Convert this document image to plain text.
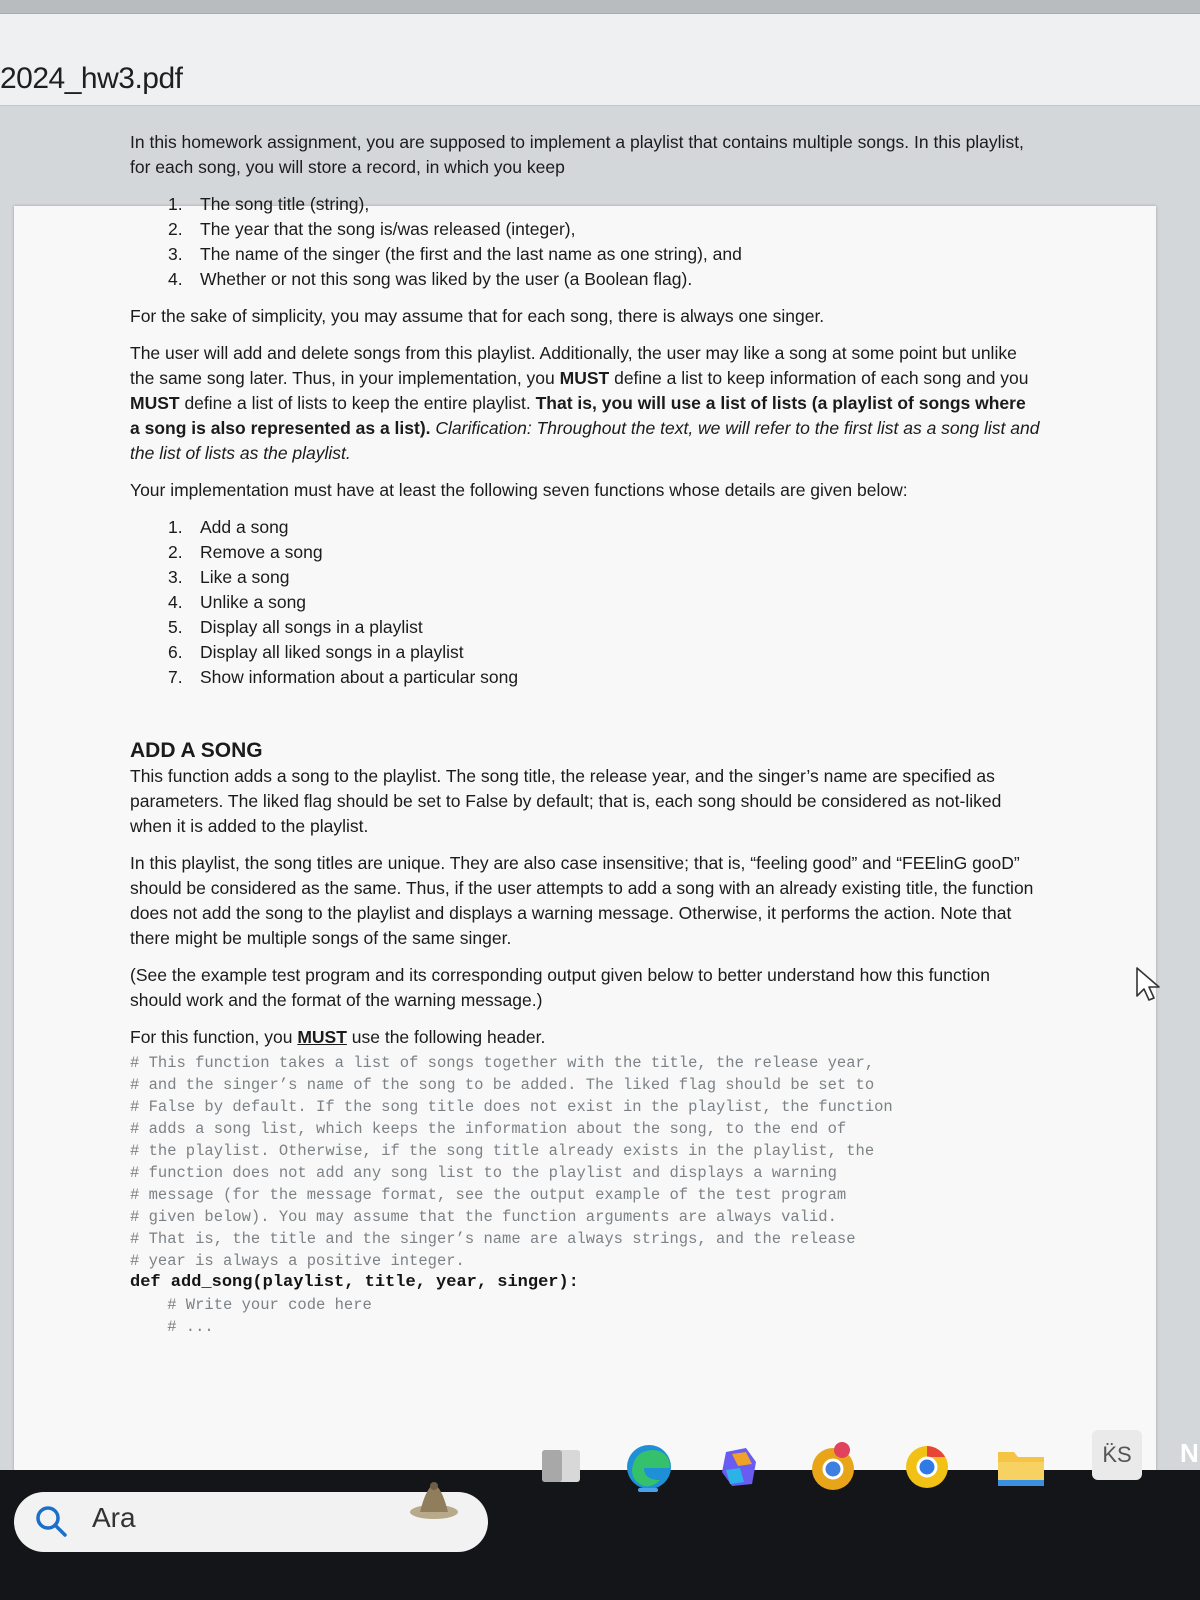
2024_hw3.pdf

In this homework assignment, you are supposed to implement a playlist that contains multiple songs. In this playlist, for each song, you will store a record, in which you keep

1. The song title (string),
2. The year that the song is/was released (integer),
3. The name of the singer (the first and the last name as one string), and
4. Whether or not this song was liked by the user (a Boolean flag).

For the sake of simplicity, you may assume that for each song, there is always one singer.

The user will add and delete songs from this playlist. Additionally, the user may like a song at some point but unlike the same song later. Thus, in your implementation, you MUST define a list to keep information of each song and you MUST define a list of lists to keep the entire playlist. That is, you will use a list of lists (a playlist of songs where a song is also represented as a list). Clarification: Throughout the text, we will refer to the first list as a song list and the list of lists as the playlist.

Your implementation must have at least the following seven functions whose details are given below:

1. Add a song
2. Remove a song
3. Like a song
4. Unlike a song
5. Display all songs in a playlist
6. Display all liked songs in a playlist
7. Show information about a particular song
ADD A SONG

This function adds a song to the playlist. The song title, the release year, and the singer’s name are specified as parameters. The liked flag should be set to False by default; that is, each song should be considered as not-liked when it is added to the playlist.

In this playlist, the song titles are unique. They are also case insensitive; that is, “feeling good” and “FEElinG gooD” should be considered as the same. Thus, if the user attempts to add a song with an already existing title, the function does not add the song to the playlist and displays a warning message. Otherwise, it performs the action. Note that there might be multiple songs of the same singer.

(See the example test program and its corresponding output given below to better understand how this function should work and the format of the warning message.)

For this function, you MUST use the following header.

# This function takes a list of songs together with the title, the release year,
# and the singer’s name of the song to be added. The liked flag should be set to
# False by default. If the song title does not exist in the playlist, the function
# adds a song list, which keeps the information about the song, to the end of
# the playlist. Otherwise, if the song title already exists in the playlist, the
# function does not add any song list to the playlist and displays a warning
# message (for the message format, see the output example of the test program
# given below). You may assume that the function arguments are always valid.
# That is, the title and the singer’s name are always strings, and the release
# year is always a positive integer.
def add_song(playlist, title, year, singer):
# Write your code here
# ...
Ara
K̈S	N
